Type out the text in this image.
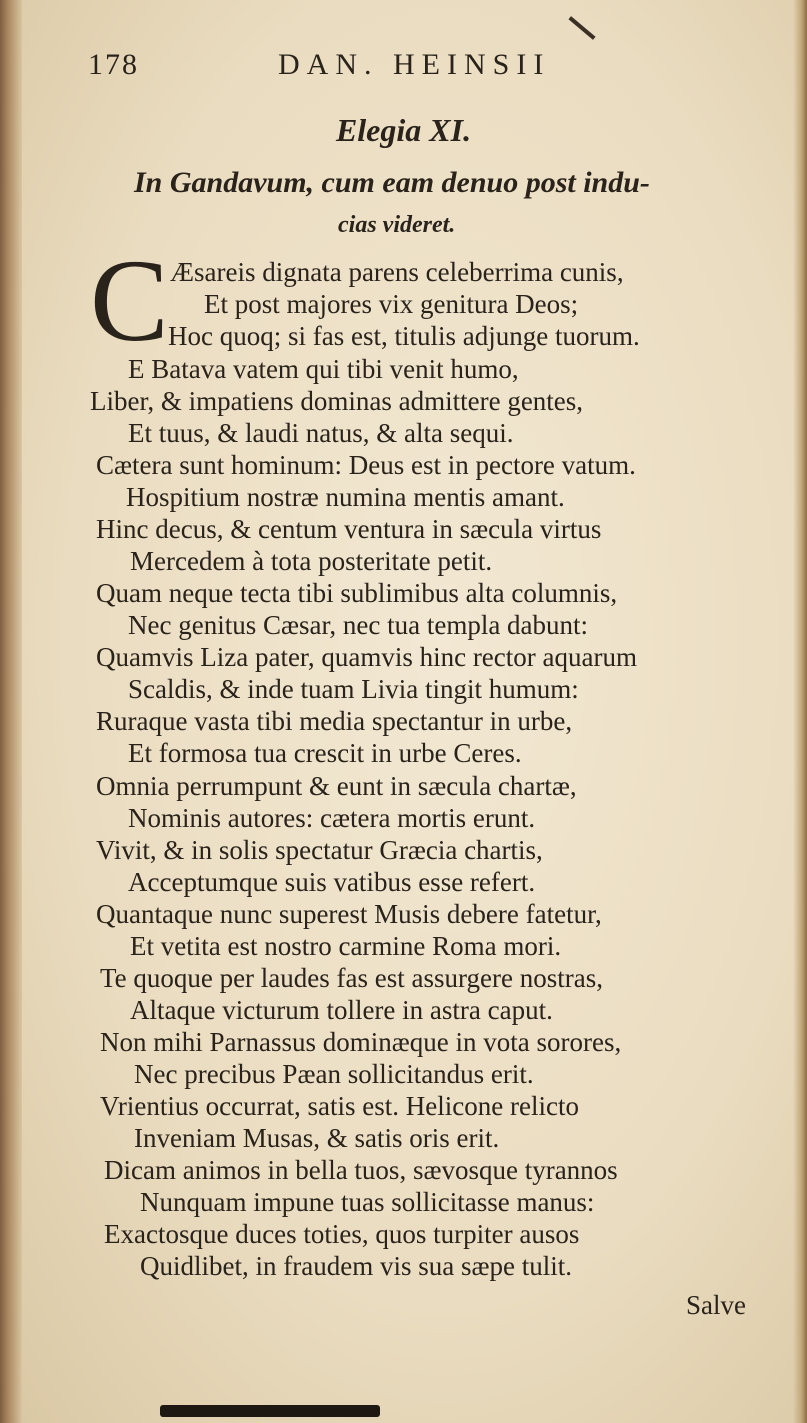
178	DAN. HEINSII
Elegia XI.
In Gandavum, cum eam denuo post indu-
cias videret.
C Æsareis dignata parens celeberrima cunis,
Et post majores vix genitura Deos;
Hoc quoq; si fas est, titulis adjunge tuorum.
E Batava vatem qui tibi venit humo,
Liber, & impatiens dominas admittere gentes,
Et tuus, & laudi natus, & alta sequi.
Cætera sunt hominum: Deus est in pectore vatum.
Hospitium nostræ numina mentis amant.
Hinc decus, & centum ventura in sæcula virtus
Mercedem à tota posteritate petit.
Quam neque tecta tibi sublimibus alta columnis,
Nec genitus Cæsar, nec tua templa dabunt:
Quamvis Liza pater, quamvis hinc rector aquarum
Scaldis, & inde tuam Livia tingit humum:
Ruraque vasta tibi media spectantur in urbe,
Et formosa tua crescit in urbe Ceres.
Omnia perrumpunt & eunt in sæcula chartæ,
Nominis autores: cætera mortis erunt.
Vivit, & in solis spectatur Græcia chartis,
Acceptumque suis vatibus esse refert.
Quantaque nunc superest Musis debere fatetur,
Et vetita est nostro carmine Roma mori.
Te quoque per laudes fas est assurgere nostras,
Altaque victurum tollere in astra caput.
Non mihi Parnassus dominæque in vota sorores,
Nec precibus Pæan sollicitandus erit.
Vrientius occurrat, satis est. Helicone relicto
Inveniam Musas, & satis oris erit.
Dicam animos in bella tuos, sævosque tyrannos
Nunquam impune tuas sollicitasse manus:
Exactosque duces toties, quos turpiter ausos
Quidlibet, in fraudem vis sua sæpe tulit.
Salve
